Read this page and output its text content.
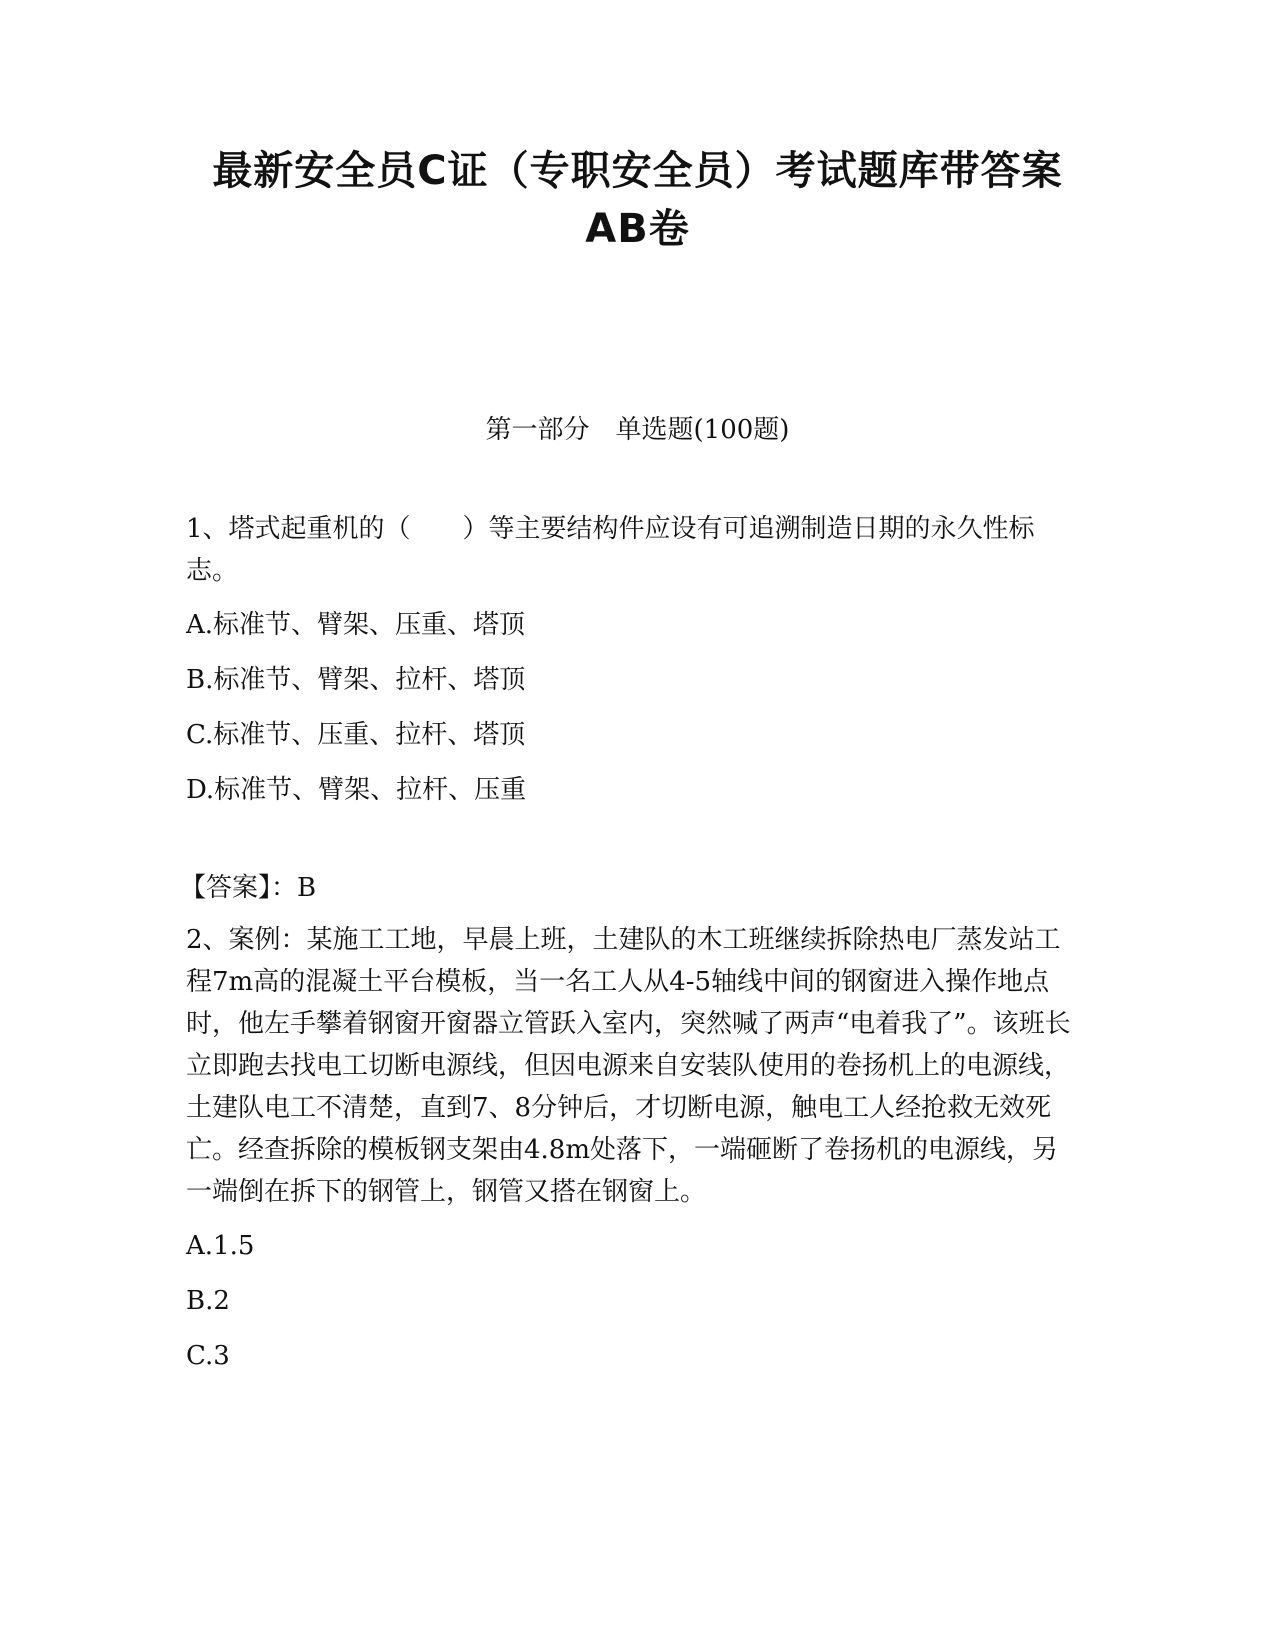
最新安全员C证（专职安全员）考试题库带答案
AB卷
第一部分　单选题(100题)

1、塔式起重机的（　　）等主要结构件应设有可追溯制造日期的永久性标志。

A.标准节、臂架、压重、塔顶
B.标准节、臂架、拉杆、塔顶
C.标准节、压重、拉杆、塔顶
D.标准节、臂架、拉杆、压重

【答案】：B

2、案例：某施工工地，早晨上班，土建队的木工班继续拆除热电厂蒸发站工程7m高的混凝土平台模板，当一名工人从4-5轴线中间的钢窗进入操作地点时，他左手攀着钢窗开窗器立管跃入室内，突然喊了两声“电着我了”。该班长立即跑去找电工切断电源线，但因电源来自安装队使用的卷扬机上的电源线，土建队电工不清楚，直到7、8分钟后，才切断电源，触电工人经抢救无效死亡。经查拆除的模板钢支架由4.8m处落下，一端砸断了卷扬机的电源线，另一端倒在拆下的钢管上，钢管又搭在钢窗上。

A.1.5
B.2
C.3
